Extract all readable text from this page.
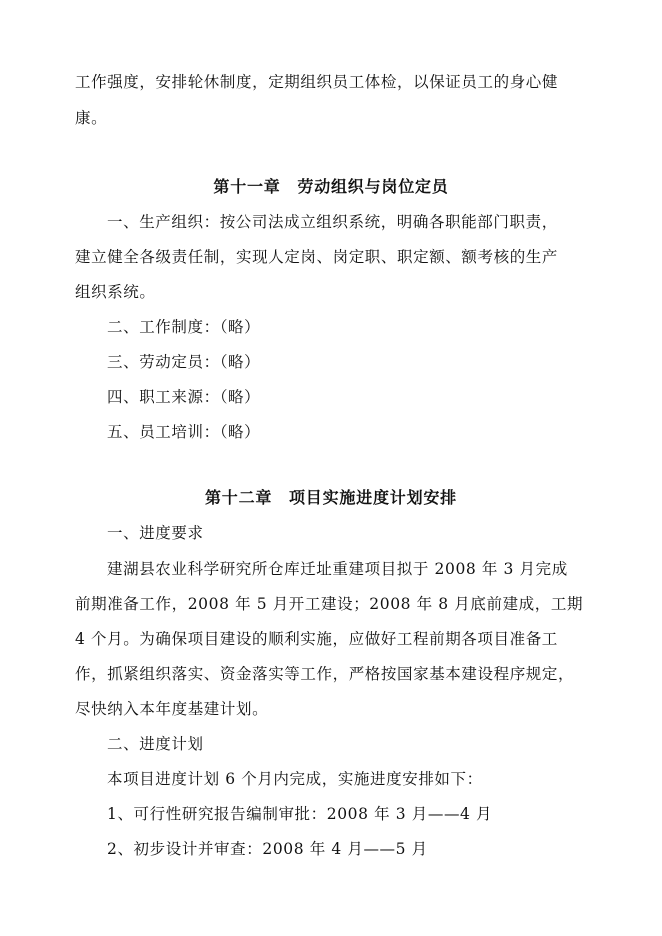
工作强度，安排轮休制度，定期组织员工体检，以保证员工的身心健
康。
第十一章　劳动组织与岗位定员
一、生产组织：按公司法成立组织系统，明确各职能部门职责，
建立健全各级责任制，实现人定岗、岗定职、职定额、额考核的生产
组织系统。
二、工作制度：（略）
三、劳动定员：（略）
四、职工来源：（略）
五、员工培训：（略）
第十二章　项目实施进度计划安排
一、进度要求
建湖县农业科学研究所仓库迁址重建项目拟于 2008 年 3 月完成
前期准备工作，2008 年 5 月开工建设；2008 年 8 月底前建成，工期
4 个月。为确保项目建设的顺利实施，应做好工程前期各项目准备工
作，抓紧组织落实、资金落实等工作，严格按国家基本建设程序规定，
尽快纳入本年度基建计划。
二、进度计划
本项目进度计划 6 个月内完成，实施进度安排如下：
1、可行性研究报告编制审批：2008 年 3 月——4 月
2、初步设计并审查：2008 年 4 月——5 月
